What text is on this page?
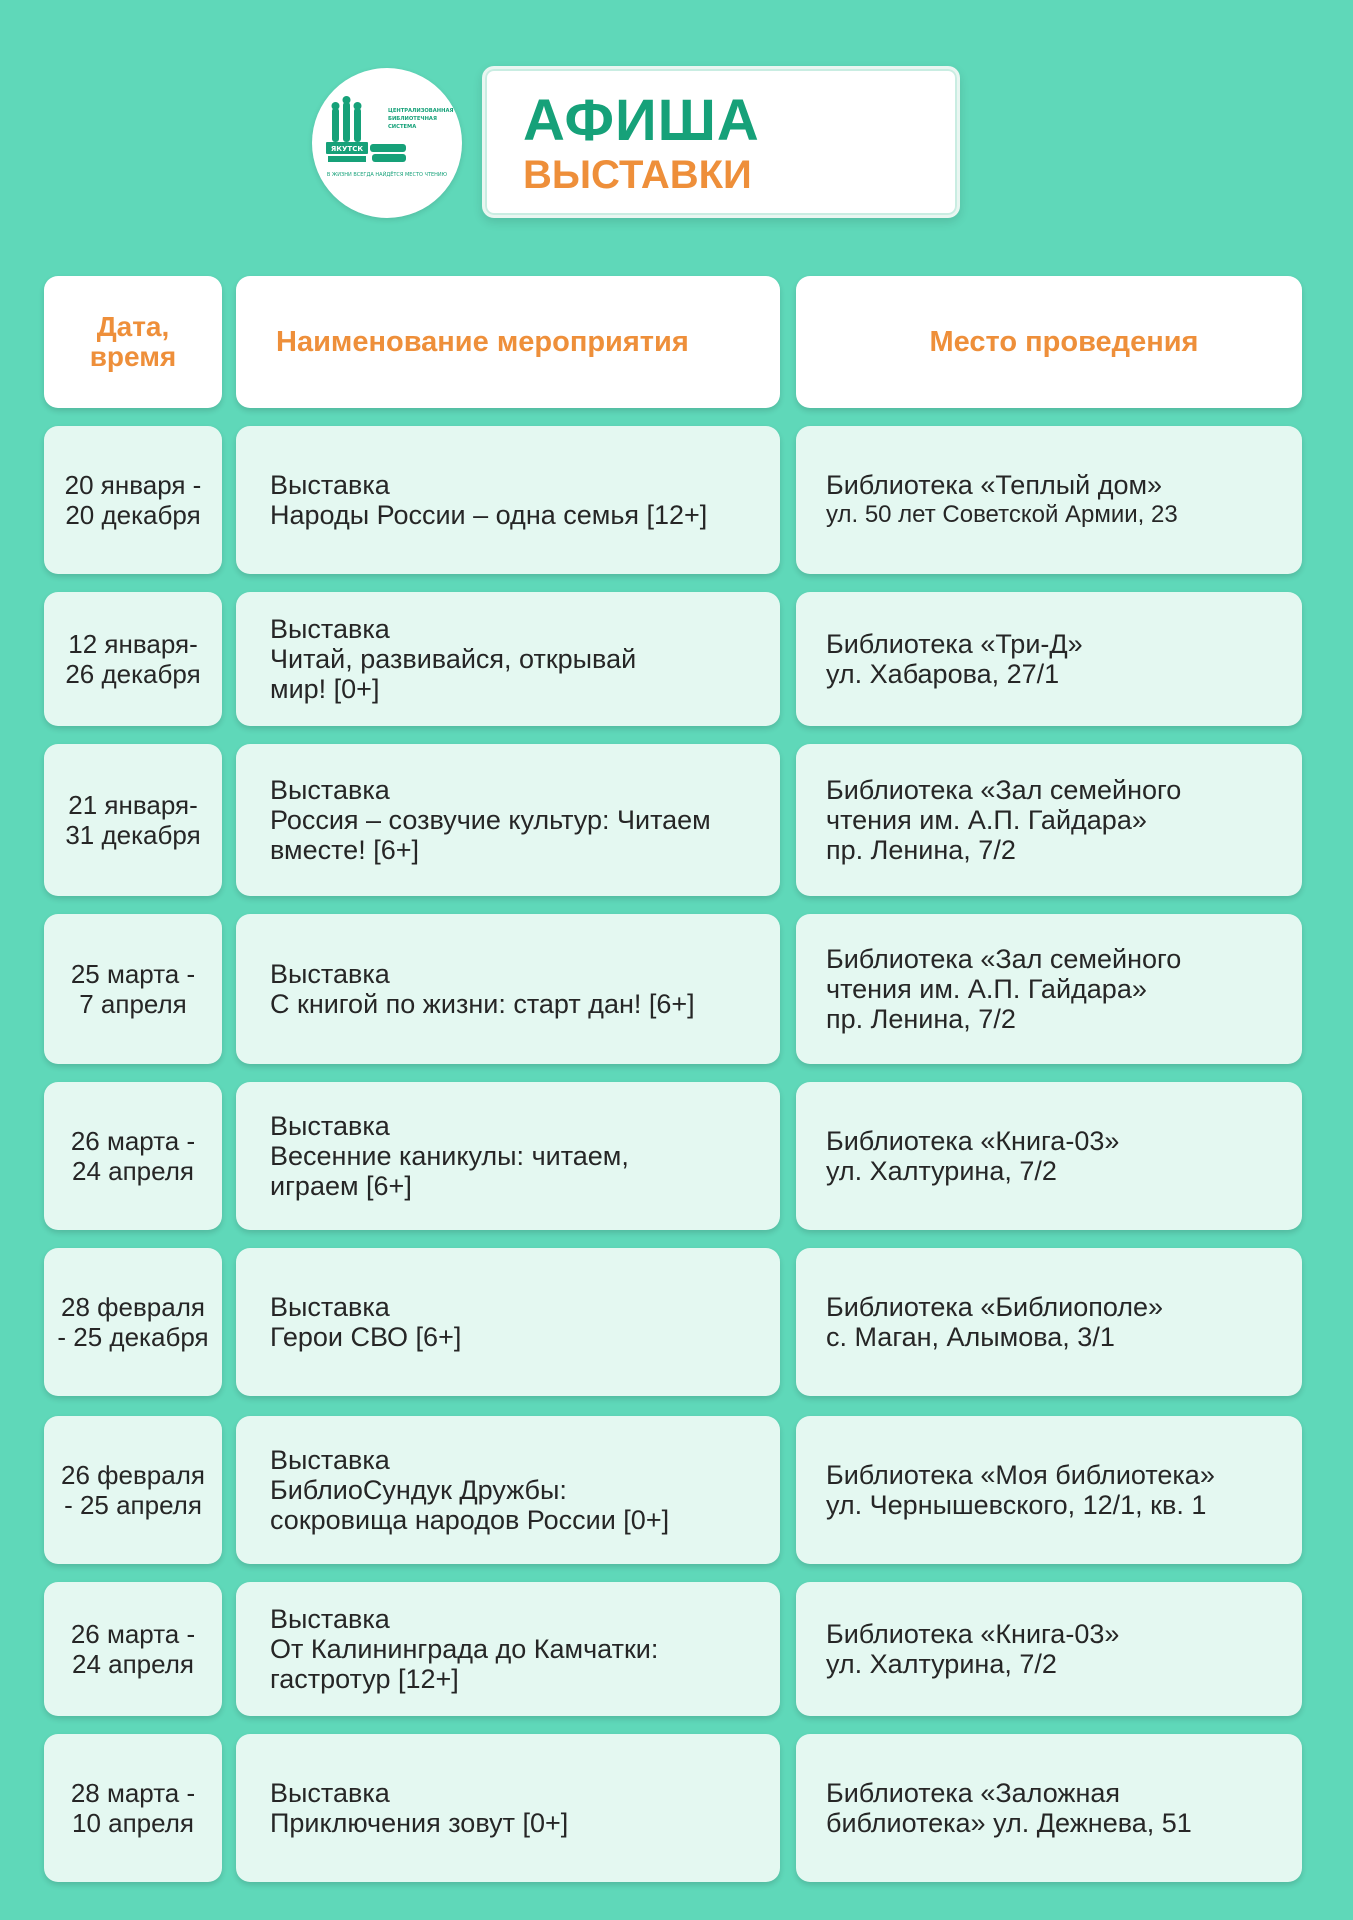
ЯКУТСК
ЦЕНТРАЛИЗОВАННАЯ
БИБЛИОТЕЧНАЯ
СИСТЕМА
В ЖИЗНИ ВСЕГДА НАЙДЁТСЯ МЕСТО ЧТЕНИЮ
АФИША
ВЫСТАВКИ
Дата,
время	Наименование мероприятия	Место проведения
20 января -
20 декабря
Выставка
Народы России – одна семья [12+]
Библиотека «Теплый дом»
ул. 50 лет Советской Армии, 23
12 января-
26 декабря
Выставка
Читай, развивайся, открывай
мир! [0+]
Библиотека «Три-Д»
ул. Хабарова, 27/1
21 января-
31 декабря
Выставка
Россия – созвучие культур: Читаем
вместе! [6+]
Библиотека «Зал семейного
чтения им. А.П. Гайдара»
пр. Ленина, 7/2
25 марта -
7 апреля
Выставка
С книгой по жизни: старт дан! [6+]
Библиотека «Зал семейного
чтения им. А.П. Гайдара»
пр. Ленина, 7/2
26 марта -
24 апреля
Выставка
Весенние каникулы: читаем,
играем [6+]
Библиотека «Книга-03»
ул. Халтурина, 7/2
28 февраля
- 25 декабря
Выставка
Герои СВО [6+]
Библиотека «Библиополе»
с. Маган, Алымова, 3/1
26 февраля
- 25 апреля
Выставка
БиблиоСундук Дружбы:
сокровища народов России [0+]
Библиотека «Моя библиотека»
ул. Чернышевского, 12/1, кв. 1
26 марта -
24 апреля
Выставка
От Калининграда до Камчатки:
гастротур [12+]
Библиотека «Книга-03»
ул. Халтурина, 7/2
28 марта -
10 апреля
Выставка
Приключения зовут [0+]
Библиотека «Заложная
библиотека» ул. Дежнева, 51
